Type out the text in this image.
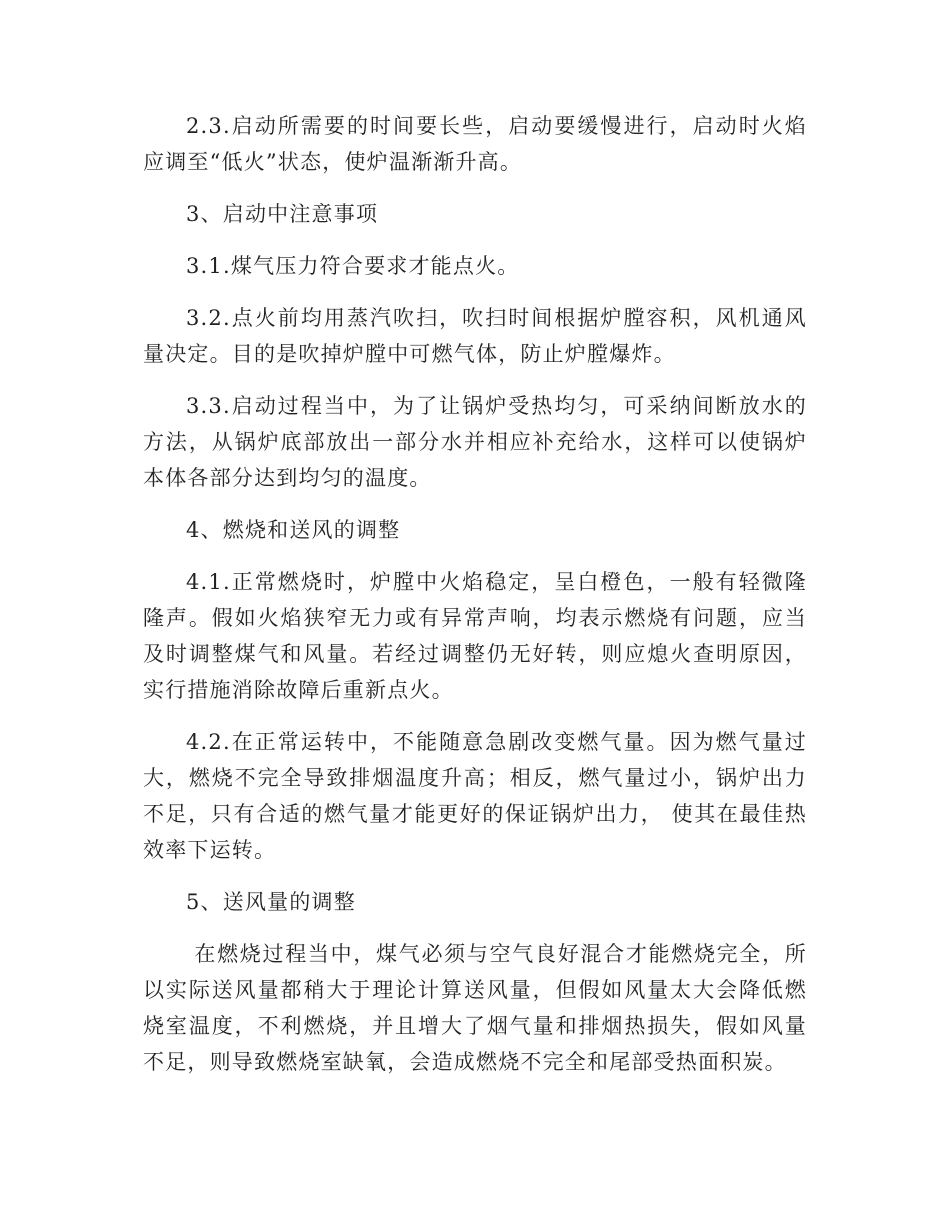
2.3.启动所需要的时间要长些，启动要缓慢进行，启动时火焰应调至“低火”状态，使炉温渐渐升高。

3、启动中注意事项

3.1.煤气压力符合要求才能点火。

3.2.点火前均用蒸汽吹扫，吹扫时间根据炉膛容积，风机通风量决定。目的是吹掉炉膛中可燃气体，防止炉膛爆炸。

3.3.启动过程当中，为了让锅炉受热均匀，可采纳间断放水的方法，从锅炉底部放出一部分水并相应补充给水，这样可以使锅炉本体各部分达到均匀的温度。

4、燃烧和送风的调整

4.1.正常燃烧时，炉膛中火焰稳定，呈白橙色，一般有轻微隆隆声。假如火焰狭窄无力或有异常声响，均表示燃烧有问题，应当及时调整煤气和风量。若经过调整仍无好转，则应熄火查明原因，实行措施消除故障后重新点火。

4.2.在正常运转中，不能随意急剧改变燃气量。因为燃气量过大，燃烧不完全导致排烟温度升高；相反，燃气量过小，锅炉出力不足，只有合适的燃气量才能更好的保证锅炉出力， 使其在最佳热效率下运转。

5、送风量的调整

在燃烧过程当中，煤气必须与空气良好混合才能燃烧完全，所以实际送风量都稍大于理论计算送风量，但假如风量太大会降低燃烧室温度，不利燃烧，并且增大了烟气量和排烟热损失，假如风量不足，则导致燃烧室缺氧，会造成燃烧不完全和尾部受热面积炭。
